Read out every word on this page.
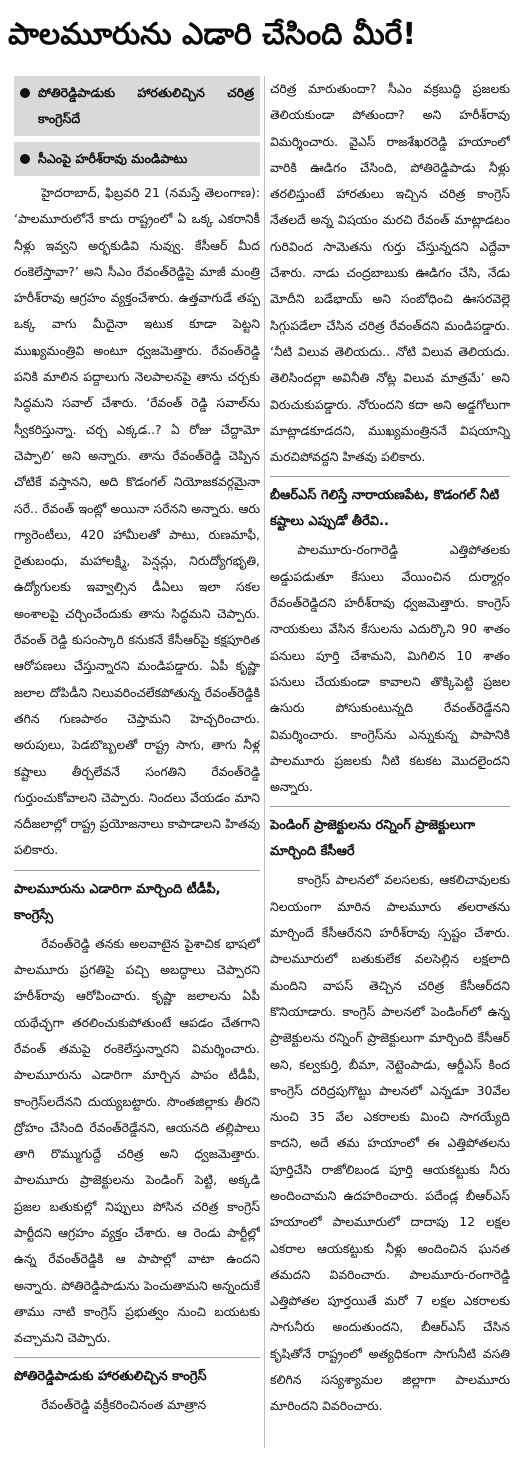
పాలమూరును ఎడారి చేసింది మీరే!
పోతిరెడ్డిపాడుకు హారతులిచ్చిన చరిత్ర కాంగ్రెస్‌దే
సీఎంపై హరీశ్‌రావు మండిపాటు

హైదరాబాద్, ఫిబ్రవరి 21 (నమస్తే తెలంగాణ): ‘పాలమూరులోనే కాదు రాష్ట్రంలో ఏ ఒక్క ఎకరానికీ నీళ్లు ఇవ్వని అర్భకుడివి నువ్వు. కేసీఆర్ మీద రంకెలేస్తావా?’ అని సీఎం రేవంత్‌రెడ్డిపై మాజీ మంత్రి హరీశ్‌రావు ఆగ్రహం వ్యక్తంచేశారు. ఉత్తవాగుడే తప్ప ఒక్క వాగు మీదైనా ఇటుక కూడా పెట్టని ముఖ్యమంత్రివి అంటూ ధ్వజమెత్తారు. రేవంత్‌రెడ్డి పనికి మాలిన పద్దాలుగు నెలపాలనపై తాను చర్చకు సిద్ధమని సవాల్ చేశారు. ‘రేవంత్ రెడ్డి సవాల్‌ను స్వీకరిస్తున్నా. చర్చ ఎక్కడ..? ఏ రోజు చేద్దామో చెప్పాలి’ అని అన్నారు. తాను రేవంత్‌రెడ్డి చెప్పిన చోటికే వస్తానని, అది కొడంగల్ నియోజకవర్గమైనా సరే.. రేవంత్ ఇంట్లో అయినా సరేనని అన్నారు. ఆరు గ్యారెంటీలు, 420 హామీలతో పాటు, రుణమాఫీ, రైతుబంధు, మహాలక్ష్మి, పెన్షన్లు, నిరుద్యోగభృతి, ఉద్యోగులకు ఇవ్వాల్సిన డీఏలు ఇలా సకల అంశాలపై చర్చించేందుకు తాను సిద్ధమని చెప్పారు. రేవంత్ రెడ్డి కుసంస్కారి కనుకనే కేసీఆర్‌పై కక్షపూరిత ఆరోపణలు చేస్తున్నారని మండిపడ్డారు. ఏపీ కృష్ణా జలాల దోపిడీని నిలువరించలేకపోతున్న రేవంత్‌రెడ్డికి తగిన గుణపాఠం చెప్తామని హెచ్చరించారు. అరుపులు, పెడబొబ్బలతో రాష్ట్ర సాగు, తాగు నీళ్ల కష్టాలు తీర్చలేవనే సంగతిని రేవంత్‌రెడ్డి గుర్తుంచుకోవాలని చెప్పారు. నిందలు వేయడం మాని నదీజలాల్లో రాష్ట్ర ప్రయోజనాలు కాపాడాలని హితవు పలికారు.

పాలమూరును ఎడారిగా మార్చింది టీడీపీ, కాంగ్రెస్సే

రేవంత్‌రెడ్డి తనకు అలవాటైన పైశాచిక భాషలో పాలమూరు ప్రగతిపై పచ్చి అబద్ధాలు చెప్పారని హరీశ్‌రావు ఆరోపించారు. కృష్ణా జలాలను ఏపీ యథేచ్ఛగా తరలించుకుపోతుంటే ఆపడం చేతగాని రేవంత్ తమపై రంకెలేస్తున్నారని విమర్శించారు. పాలమూరును ఎడారిగా మార్చిన పాపం టీడీపీ, కాంగ్రెస్‌లదేనని దుయ్యబట్టారు. సొంతజిల్లాకు తీరని ద్రోహం చేసింది రేవంత్‌రెడ్డేనని, ఆయనది తల్లిపాలు తాగి రొమ్ముగుద్దే చరిత్ర అని ధ్వజమెత్తారు. పాలమూరు ప్రాజెక్టులను పెండింగ్ పెట్టి, అక్కడి ప్రజల బతుకుల్లో నిప్పులు పోసిన చరిత్ర కాంగ్రెస్ పార్టీదని ఆగ్రహం వ్యక్తం చేశారు. ఆ రెండు పార్టీల్లో ఉన్న రేవంత్‌రెడ్డికి ఆ పాపాల్లో వాటా ఉందని అన్నారు. పోతిరెడ్డిపాడును పెంచుతామని అన్నందుకే తాము నాటి కాంగ్రెస్ ప్రభుత్వం నుంచి బయటకు వచ్చామని చెప్పారు.

పోతిరెడ్డిపాడుకు హారతులిచ్చిన కాంగ్రెస్

రేవంత్‌రెడ్డి వక్రీకరించినంత మాత్రాన

చరిత్ర మారుతుందా? సీఎం వక్రబుద్ధి ప్రజలకు తెలియకుండా పోతుందా? అని హరీశ్‌రావు విమర్శించారు. వైఎస్ రాజశేఖరరెడ్డి హయాంలో వారికి ఊడిగం చేసింది, పోతిరెడ్డిపాడు నీళ్లు తరలిస్తుంటే హారతులు ఇచ్చిన చరిత్ర కాంగ్రెస్ నేతలదే అన్న విషయం మరచి రేవంత్ మాట్లాడటం గురివింద సామెతను గుర్తు చేస్తున్నదని ఎద్దేవా చేశారు. నాడు చంద్రబాబుకు ఊడిగం చేసి, నేడు మోదీని బడేభాయ్ అని సంబోధించి ఊసరవెల్లె సిగ్గుపడేలా చేసిన చరిత్ర రేవంత్‌దని మండిపడ్డారు. ‘నీటి విలువ తెలియదు.. నోటి విలువ తెలియదు. తెలిసిందల్లా అవినీతి నోట్ల విలువ మాత్రమే’ అని విరుచుకుపడ్డారు. నోరుందని కదా అని అడ్డగోలుగా మాట్లాడకూడదని, ముఖ్యమంత్రిననే విషయాన్ని మరచిపోవద్దని హితవు పలికారు.

బీఆర్‌ఎస్ గెలిస్తే నారాయణపేట, కొడంగల్ నీటి కష్టాలు ఎప్పుడో తీరేవి..

పాలమూరు-రంగారెడ్డి ఎత్తిపోతలకు అడ్డుపడుతూ కేసులు వేయించిన దుర్మార్గం రేవంత్‌రెడ్డిదని హరీశ్‌రావు ధ్వజమెత్తారు. కాంగ్రెస్ నాయకులు వేసిన కేసులను ఎదుర్కొని 90 శాతం పనులు పూర్తి చేశామని, మిగిలిన 10 శాతం పనులు చేయకుండా కావాలని తొక్కిపెట్టి ప్రజల ఉసురు పోసుకుంటున్నది రేవంత్‌రెడ్డేనని విమర్శించారు. కాంగ్రెస్‌ను ఎన్నుకున్న పాపానికి పాలమూరు ప్రజలకు నీటి కటకట మొదలైందని అన్నారు.

పెండింగ్ ప్రాజెక్టులను రన్నింగ్ ప్రాజెక్టులుగా మార్చింది కేసీఆరే

కాంగ్రెస్ పాలనలో వలసలకు, ఆకలిచావులకు నిలయంగా మారిన పాలమూరు తలరాతను మార్చిందే కేసీఆరేనని హరీశ్‌రావు స్పష్టం చేశారు. పాలమూరులో బతుకులేక వలసెల్లిన లక్షలాది మందిని వాపస్ తెచ్చిన చరిత్ర కేసీఆర్‌దని కొనియాడారు. కాంగ్రెస్ పాలనలో పెండింగ్‌లో ఉన్న ప్రాజెక్టులను రన్నింగ్ ప్రాజెక్టులుగా మార్చింది కేసీఆర్ అని, కల్వకుర్తి, బీమా, నెట్టెంపాడు, ఆర్డీఎస్ కింద కాంగ్రెస్ దరిద్రపుగొట్టు పాలనలో ఎన్నడూ 30వేల నుంచి 35 వేల ఎకరాలకు మించి సాగయ్యేది కాదని, అదే తమ హయాంలో ఈ ఎత్తిపోతలను పూర్తిచేసి రాజోలిబండ పూర్తి ఆయకట్టుకు నీరు అందించామని ఉదహరించారు. పదేండ్ల బీఆర్‌ఎస్ హయాంలో పాలమూరులో దాదాపు 12 లక్షల ఎకరాల ఆయకట్టుకు నీళ్లు అందించిన ఘనత తమదని వివరించారు. పాలమూరు-రంగారెడ్డి ఎత్తిపోతల పూర్తయితే మరో 7 లక్షల ఎకరాలకు సాగునీరు అందుతుందని, బీఆర్‌ఎస్ చేసిన కృషితోనే రాష్ట్రంలో అత్యధికంగా సాగునీటి వసతి కలిగిన సస్యశ్యామల జిల్లాగా పాలమూరు మారిందని వివరించారు.
